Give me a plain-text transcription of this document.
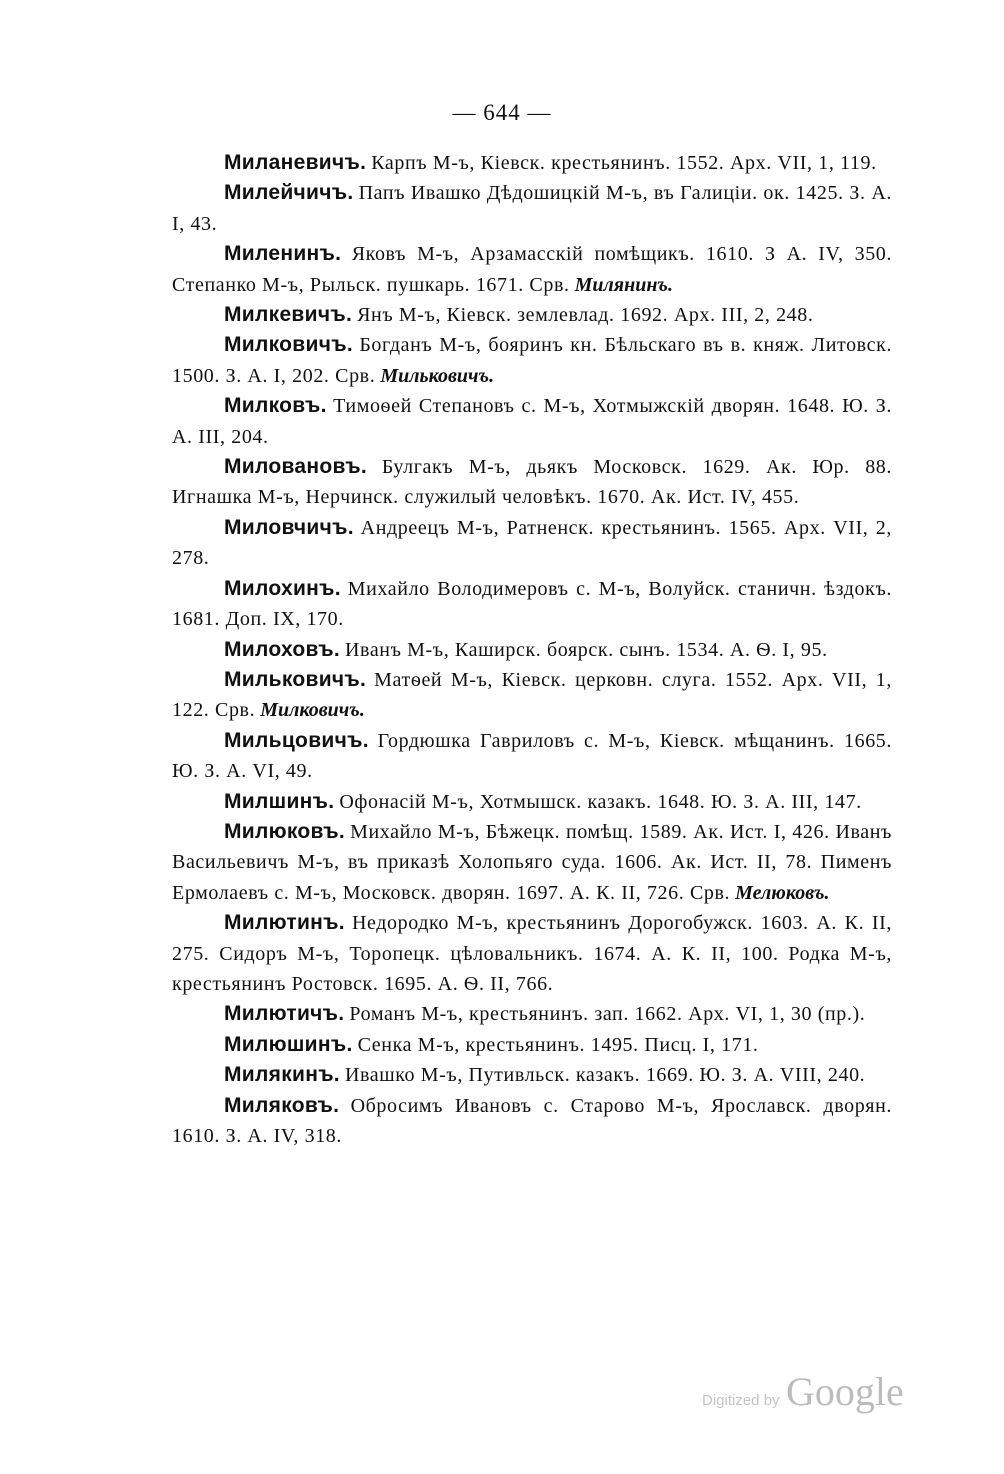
— 644 —

Миланевичъ. Карпъ М-ъ, Кіевск. крестьянинъ. 1552. Арх. VII, 1, 119.

Милейчичъ. Папъ Ивашко Дѣдошицкій М-ъ, въ Галиціи. ок. 1425. З. А. I, 43.

Миленинъ. Яковъ М-ъ, Арзамасскій помѣщикъ. 1610. З А. IV, 350. Степанко М-ъ, Рыльск. пушкарь. 1671. Срв. Милянинъ.

Милкевичъ. Янъ М-ъ, Кіевск. землевлад. 1692. Арх. III, 2, 248.

Милковичъ. Богданъ М-ъ, бояринъ кн. Бѣльскаго въ в. княж. Литовск. 1500. З. А. I, 202. Срв. Мильковичъ.

Милковъ. Тимоѳей Степановъ с. М-ъ, Хотмыжскій дворян. 1648. Ю. З. А. III, 204.

Миловановъ. Булгакъ М-ъ, дьякъ Московск. 1629. Ак. Юр. 88. Игнашка М-ъ, Нерчинск. служилый человѣкъ. 1670. Ак. Ист. IV, 455.

Миловчичъ. Андреецъ М-ъ, Ратненск. крестьянинъ. 1565. Арх. VII, 2, 278.

Милохинъ. Михайло Володимеровъ с. М-ъ, Волуйск. станичн. ѣздокъ. 1681. Доп. IX, 170.

Милоховъ. Иванъ М-ъ, Каширск. боярск. сынъ. 1534. А. Ѳ. I, 95.

Мильковичъ. Матѳей М-ъ, Кіевск. церковн. слуга. 1552. Арх. VII, 1, 122. Срв. Милковичъ.

Мильцовичъ. Гордюшка Гавриловъ с. М-ъ, Кіевск. мѣщанинъ. 1665. Ю. З. А. VI, 49.

Милшинъ. Офонасій М-ъ, Хотмышск. казакъ. 1648. Ю. З. А. III, 147.

Милюковъ. Михайло М-ъ, Бѣжецк. помѣщ. 1589. Ак. Ист. I, 426. Иванъ Васильевичъ М-ъ, въ приказѣ Холопьяго суда. 1606. Ак. Ист. II, 78. Пименъ Ермолаевъ с. М-ъ, Московск. дворян. 1697. А. К. II, 726. Срв. Мелюковъ.

Милютинъ. Недородко М-ъ, крестьянинъ Дорогобужск. 1603. А. К. II, 275. Сидоръ М-ъ, Торопецк. цѣловальникъ. 1674. А. К. II, 100. Родка М-ъ, крестьянинъ Ростовск. 1695. А. Ѳ. II, 766.

Милютичъ. Романъ М-ъ, крестьянинъ. зап. 1662. Арх. VI, 1, 30 (пр.).

Милюшинъ. Сенка М-ъ, крестьянинъ. 1495. Писц. I, 171.

Милякинъ. Ивашко М-ъ, Путивльск. казакъ. 1669. Ю. З. А. VIII, 240.

Миляковъ. Обросимъ Ивановъ с. Старово М-ъ, Ярославск. дворян. 1610. З. А. IV, 318.

Digitized by Google
